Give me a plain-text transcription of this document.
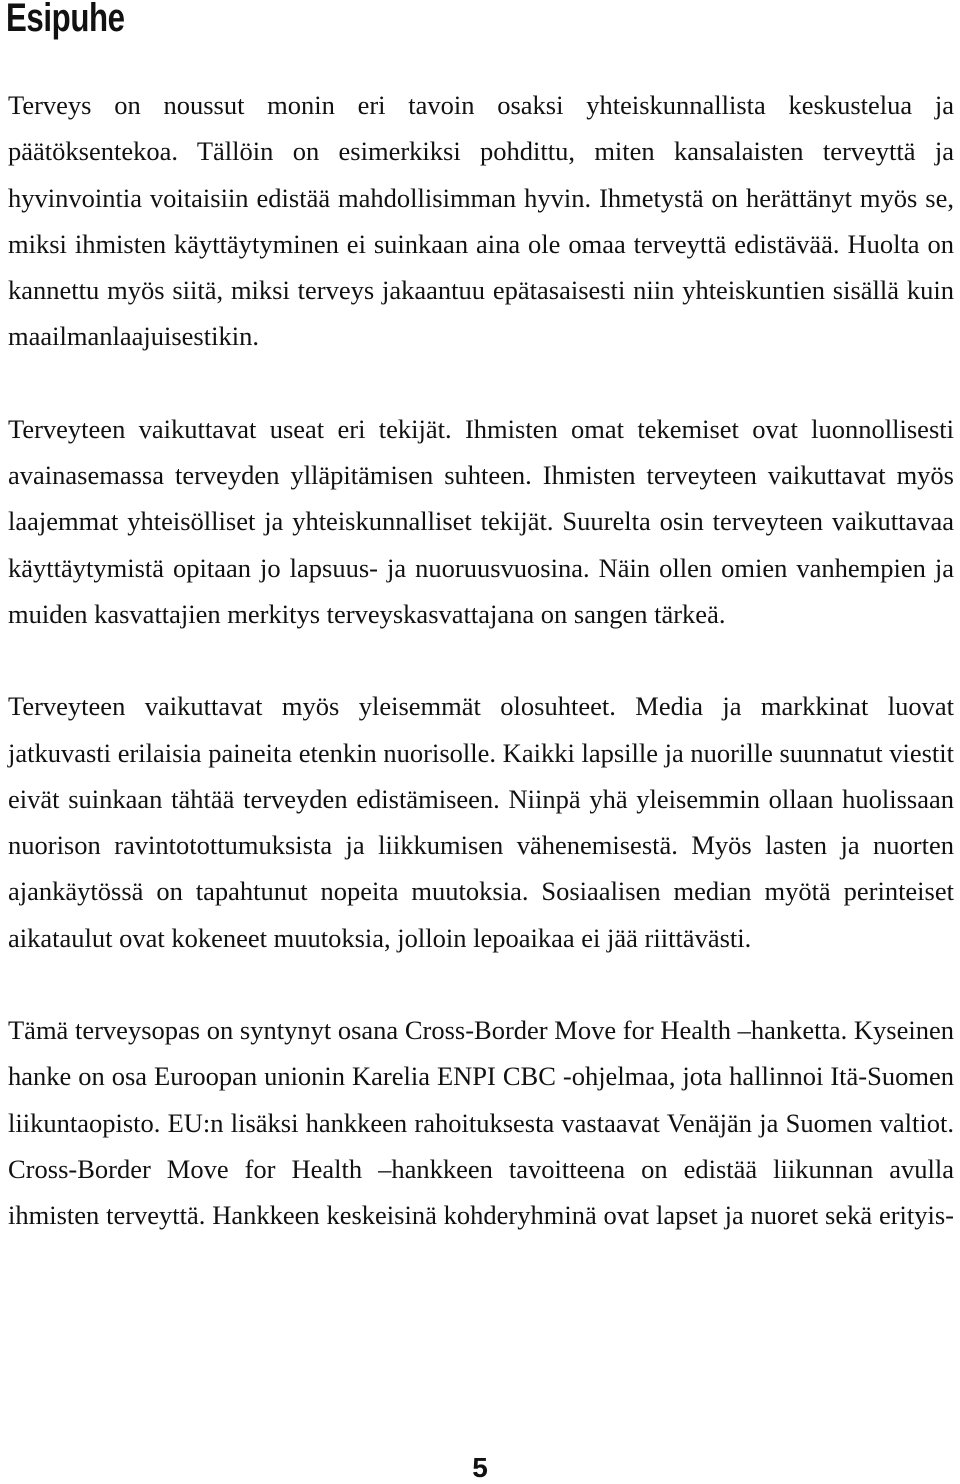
Esipuhe

Terveys on noussut monin eri tavoin osaksi yhteiskunnallista keskustelua ja päätöksentekoa. Tällöin on esimerkiksi pohdittu, miten kansalaisten terveyttä ja hyvinvointia voitaisiin edistää mahdollisimman hyvin. Ihmetystä on herättänyt myös se, miksi ihmisten käyttäytyminen ei suinkaan aina ole omaa terveyttä edistävää. Huolta on kannettu myös siitä, miksi terveys jakaantuu epätasaisesti niin yhteiskuntien sisällä kuin maailmanlaajuisestikin.

Terveyteen vaikuttavat useat eri tekijät. Ihmisten omat tekemiset ovat luonnollisesti avainasemassa terveyden ylläpitämisen suhteen. Ihmisten terveyteen vaikuttavat myös laajemmat yhteisölliset ja yhteiskunnalliset tekijät. Suurelta osin terveyteen vaikuttavaa käyttäytymistä opitaan jo lapsuus- ja nuoruusvuosina. Näin ollen omien vanhempien ja muiden kasvattajien merkitys terveyskasvattajana on sangen tärkeä.

Terveyteen vaikuttavat myös yleisemmät olosuhteet. Media ja markkinat luovat jatkuvasti erilaisia paineita etenkin nuorisolle. Kaikki lapsille ja nuorille suunnatut viestit eivät suinkaan tähtää terveyden edistämiseen. Niinpä yhä yleisemmin ollaan huolissaan nuorison ravintotottumuksista ja liikkumisen vähenemisestä. Myös lasten ja nuorten ajankäytössä on tapahtunut nopeita muutoksia. Sosiaalisen median myötä perinteiset aikataulut ovat kokeneet muutoksia, jolloin lepoaikaa ei jää riittävästi.

Tämä terveysopas on syntynyt osana Cross-Border Move for Health –hanketta. Kyseinen hanke on osa Euroopan unionin Karelia ENPI CBC -ohjelmaa, jota hallinnoi Itä-Suomen liikuntaopisto. EU:n lisäksi hankkeen rahoituksesta vastaavat Venäjän ja Suomen valtiot. Cross-Border Move for Health –hankkeen tavoitteena on edistää liikunnan avulla ihmisten terveyttä. Hankkeen keskeisinä kohderyhminä ovat lapset ja nuoret sekä erityis-

5
